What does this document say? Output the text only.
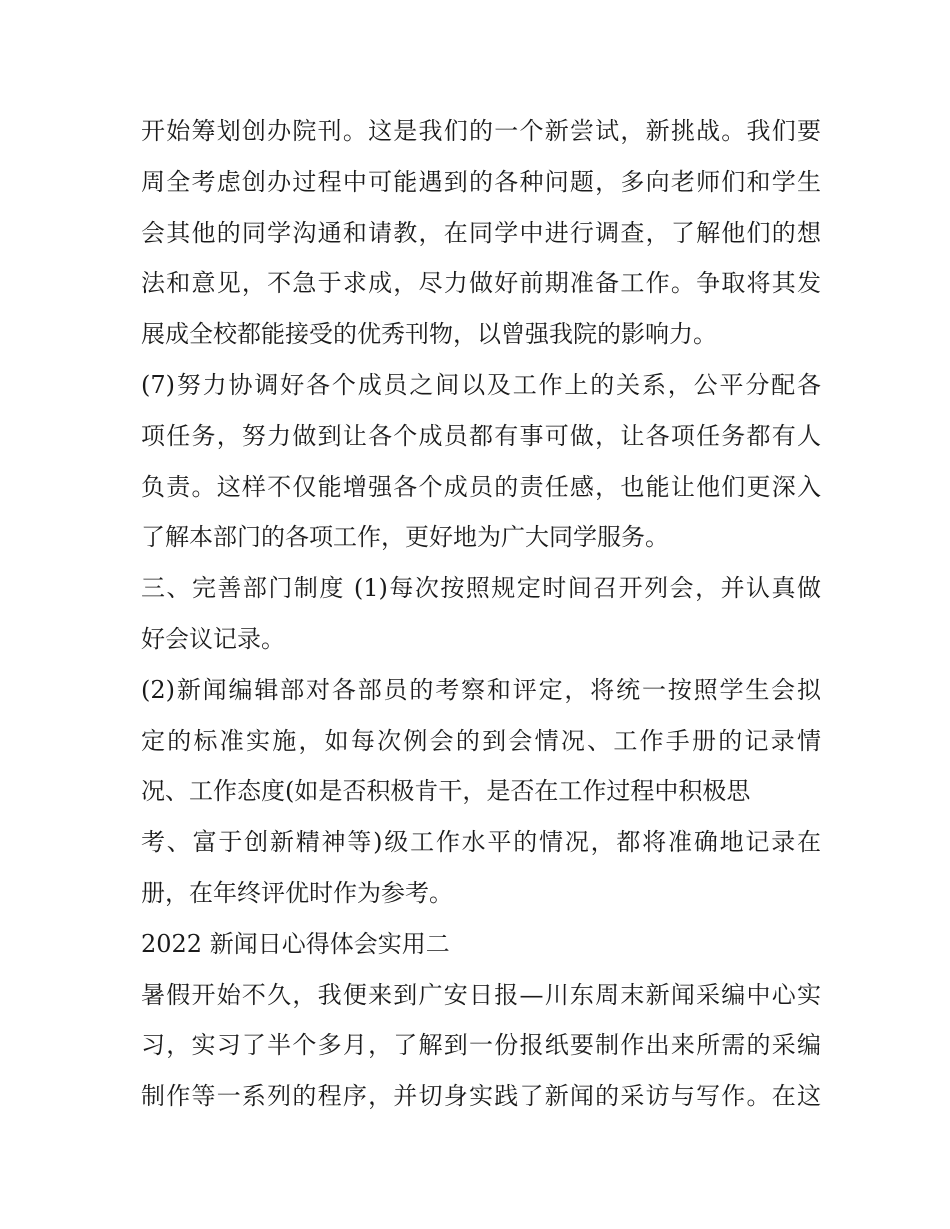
开始筹划创办院刊。这是我们的一个新尝试，新挑战。我们要
周全考虑创办过程中可能遇到的各种问题，多向老师们和学生
会其他的同学沟通和请教，在同学中进行调查，了解他们的想
法和意见，不急于求成，尽力做好前期准备工作。争取将其发
展成全校都能接受的优秀刊物，以曾强我院的影响力。
(7)努力协调好各个成员之间以及工作上的关系，公平分配各
项任务，努力做到让各个成员都有事可做，让各项任务都有人
负责。这样不仅能增强各个成员的责任感，也能让他们更深入
了解本部门的各项工作，更好地为广大同学服务。
三、完善部门制度 (1)每次按照规定时间召开列会，并认真做
好会议记录。
(2)新闻编辑部对各部员的考察和评定，将统一按照学生会拟
定的标准实施，如每次例会的到会情况、工作手册的记录情
况、工作态度(如是否积极肯干，是否在工作过程中积极思
考、富于创新精神等)级工作水平的情况，都将准确地记录在
册，在年终评优时作为参考。
2022 新闻日心得体会实用二
暑假开始不久，我便来到广安日报—川东周末新闻采编中心实
习，实习了半个多月，了解到一份报纸要制作出来所需的采编
制作等一系列的程序，并切身实践了新闻的采访与写作。在这
